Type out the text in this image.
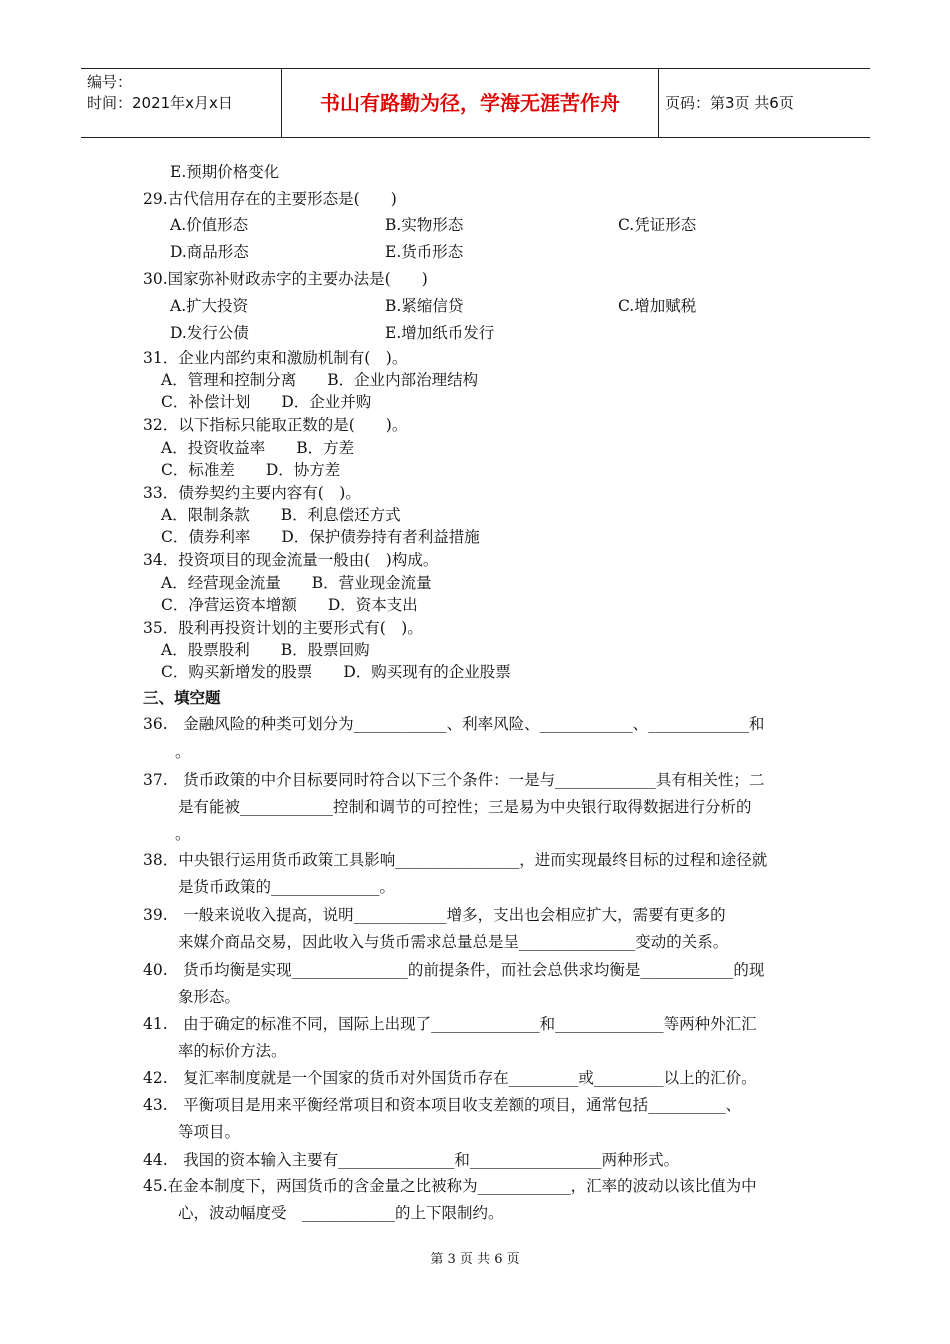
编号：
时间：2021年x月x日	书山有路勤为径，学海无涯苦作舟	页码：第3页 共6页
E.预期价格变化
29.古代信用存在的主要形态是(　　)
A.价值形态	B.实物形态	C.凭证形态
D.商品形态	E.货币形态
30.国家弥补财政赤字的主要办法是(　　)
A.扩大投资	B.紧缩信贷	C.增加赋税
D.发行公债	E.增加纸币发行
31．企业内部约束和激励机制有(　)。
A．管理和控制分离　　B．企业内部治理结构
C．补偿计划　　D．企业并购
32．以下指标只能取正数的是(　　)。
A．投资收益率　　B．方差
C．标准差　　D．协方差
33．债券契约主要内容有(　)。
A．限制条款　　B．利息偿还方式
C．债券利率　　D．保护债券持有者利益措施
34．投资项目的现金流量一般由(　)构成。
A．经营现金流量　　B．营业现金流量
C．净营运资本增额　　D．资本支出
35．股利再投资计划的主要形式有(　)。
A．股票股利　　B．股票回购
C．购买新增发的股票　　D．购买现有的企业股票
36.　金融风险的种类可划分为____________、利率风险、____________、_____________和
。
37.　货币政策的中介目标要同时符合以下三个条件：一是与_____________具有相关性；二
是有能被____________控制和调节的可控性；三是易为中央银行取得数据进行分析的
。
38．中央银行运用货币政策工具影响________________，进而实现最终目标的过程和途径就
是货币政策的______________。
39.　一般来说收入提高，说明____________增多，支出也会相应扩大，需要有更多的
来媒介商品交易，因此收入与货币需求总量总是呈_______________变动的关系。
40.　货币均衡是实现_______________的前提条件，而社会总供求均衡是____________的现
象形态。
41.　由于确定的标准不同，国际上出现了______________和______________等两种外汇汇
率的标价方法。
42.　复汇率制度就是一个国家的货币对外国货币存在_________或_________以上的汇价。
43.　平衡项目是用来平衡经常项目和资本项目收支差额的项目，通常包括__________、
等项目。
44.　我国的资本输入主要有_______________和_________________两种形式。
45.在金本制度下，两国货币的含金量之比被称为____________，汇率的波动以该比值为中
心，波动幅度受　____________的上下限制约。
三、填空题
第 3 页 共 6 页
